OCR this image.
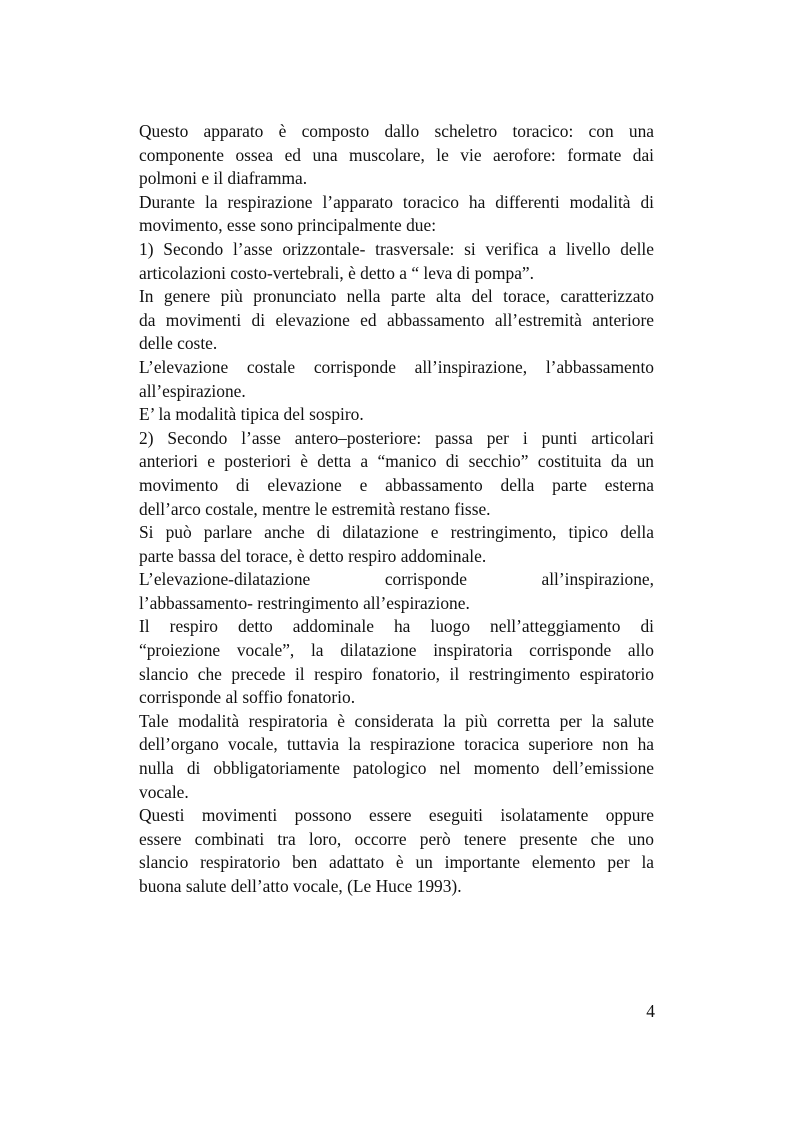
Questo apparato è composto dallo scheletro toracico: con una
componente ossea ed una muscolare, le vie aerofore: formate dai
polmoni e il diaframma.
Durante la respirazione l’apparato toracico ha differenti modalità di
movimento, esse sono principalmente due:
1) Secondo l’asse orizzontale- trasversale: si verifica a livello delle
articolazioni costo-vertebrali, è detto a “ leva di pompa”.
In genere più pronunciato nella parte alta del torace, caratterizzato
da movimenti di elevazione ed abbassamento all’estremità anteriore
delle coste.
L’elevazione costale corrisponde all’inspirazione, l’abbassamento
all’espirazione.
E’ la modalità tipica del sospiro.
2) Secondo l’asse antero–posteriore: passa per i punti articolari
anteriori e posteriori è detta a “manico di secchio” costituita da un
movimento di elevazione e abbassamento della parte esterna
dell’arco costale, mentre le estremità restano fisse.
Si può parlare anche di dilatazione e restringimento, tipico della
parte bassa del torace, è detto respiro addominale.
L’elevazione-dilatazione corrisponde all’inspirazione,
l’abbassamento- restringimento all’espirazione.
Il respiro detto addominale ha luogo nell’atteggiamento di
“proiezione vocale”, la dilatazione inspiratoria corrisponde allo
slancio che precede il respiro fonatorio, il restringimento espiratorio
corrisponde al soffio fonatorio.
Tale modalità respiratoria è considerata la più corretta per la salute
dell’organo vocale, tuttavia la respirazione toracica superiore non ha
nulla di obbligatoriamente patologico nel momento dell’emissione
vocale.
Questi movimenti possono essere eseguiti isolatamente oppure
essere combinati tra loro, occorre però tenere presente che uno
slancio respiratorio ben adattato è un importante elemento per la
buona salute dell’atto vocale, (Le Huce 1993).
4
